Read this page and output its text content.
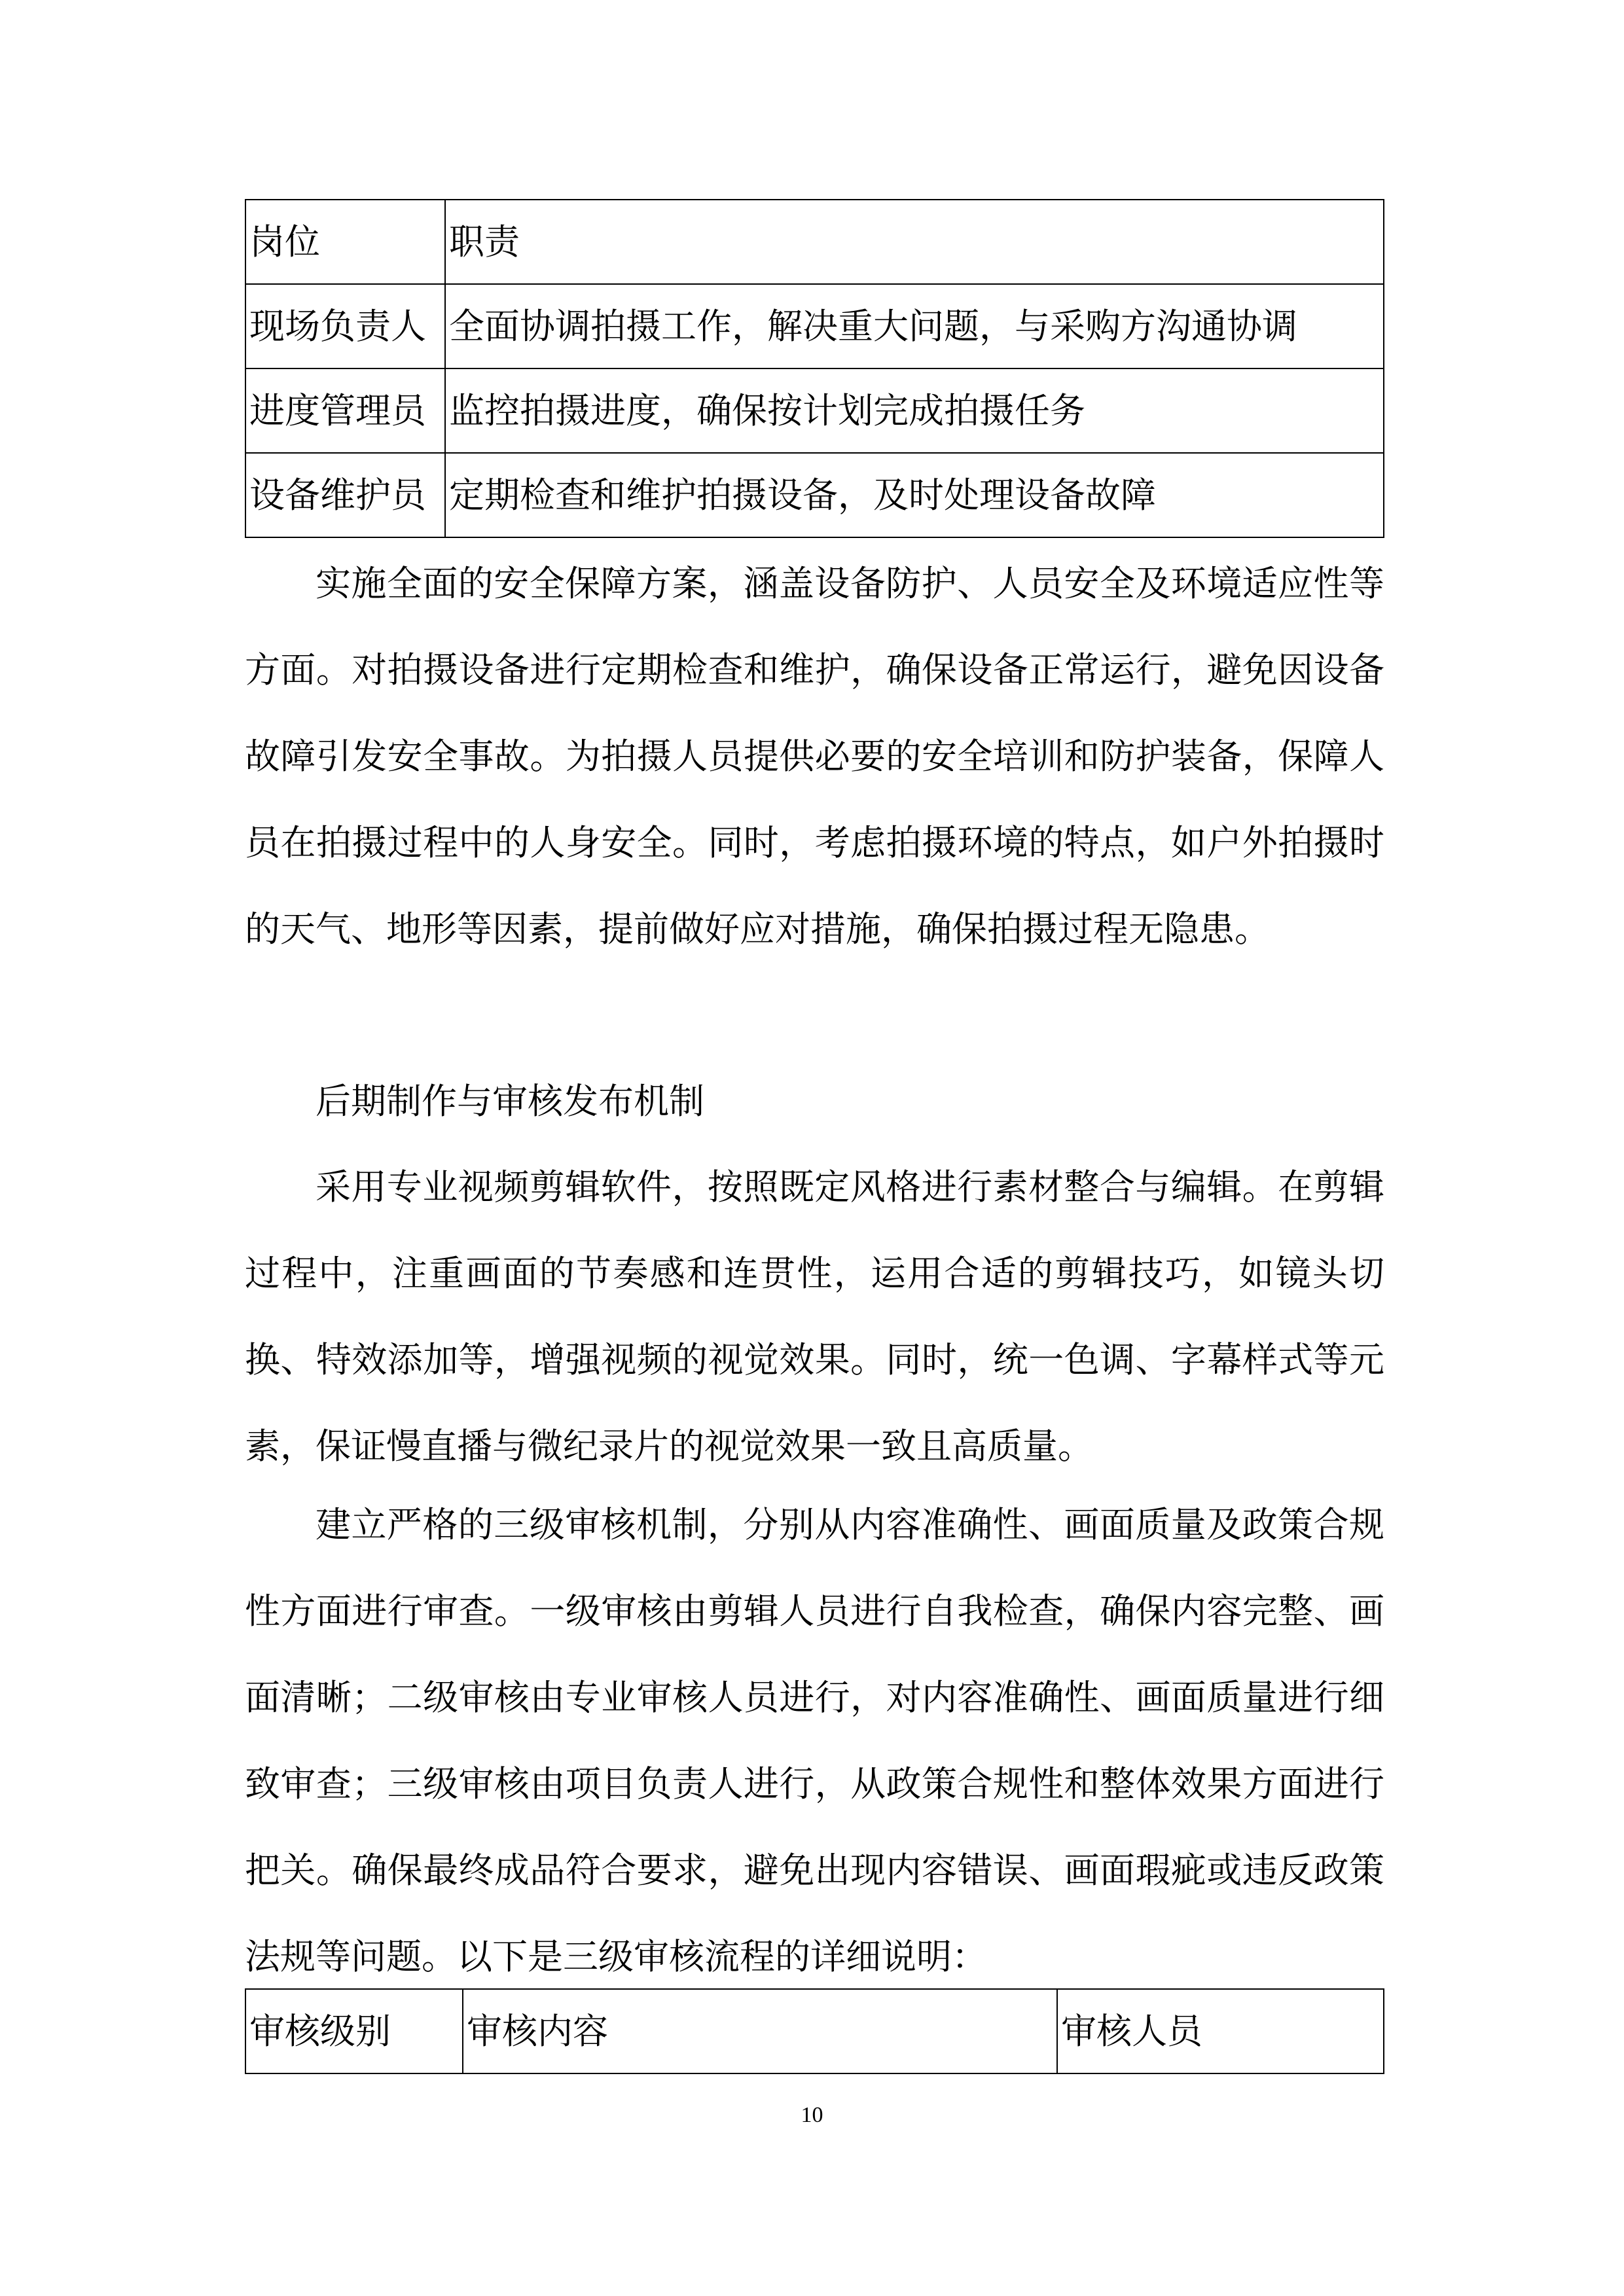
岗位	职责
现场负责人	全面协调拍摄工作，解决重大问题，与采购方沟通协调
进度管理员	监控拍摄进度，确保按计划完成拍摄任务
设备维护员	定期检查和维护拍摄设备，及时处理设备故障

实施全面的安全保障方案，涵盖设备防护、人员安全及环境适应性等方面。对拍摄设备进行定期检查和维护，确保设备正常运行，避免因设备故障引发安全事故。为拍摄人员提供必要的安全培训和防护装备，保障人员在拍摄过程中的人身安全。同时，考虑拍摄环境的特点，如户外拍摄时的天气、地形等因素，提前做好应对措施，确保拍摄过程无隐患。

后期制作与审核发布机制

采用专业视频剪辑软件，按照既定风格进行素材整合与编辑。在剪辑过程中，注重画面的节奏感和连贯性，运用合适的剪辑技巧，如镜头切换、特效添加等，增强视频的视觉效果。同时，统一色调、字幕样式等元素，保证慢直播与微纪录片的视觉效果一致且高质量。

建立严格的三级审核机制，分别从内容准确性、画面质量及政策合规性方面进行审查。一级审核由剪辑人员进行自我检查，确保内容完整、画面清晰；二级审核由专业审核人员进行，对内容准确性、画面质量进行细致审查；三级审核由项目负责人进行，从政策合规性和整体效果方面进行把关。确保最终成品符合要求，避免出现内容错误、画面瑕疵或违反政策法规等问题。以下是三级审核流程的详细说明：

审核级别	审核内容	审核人员
10
